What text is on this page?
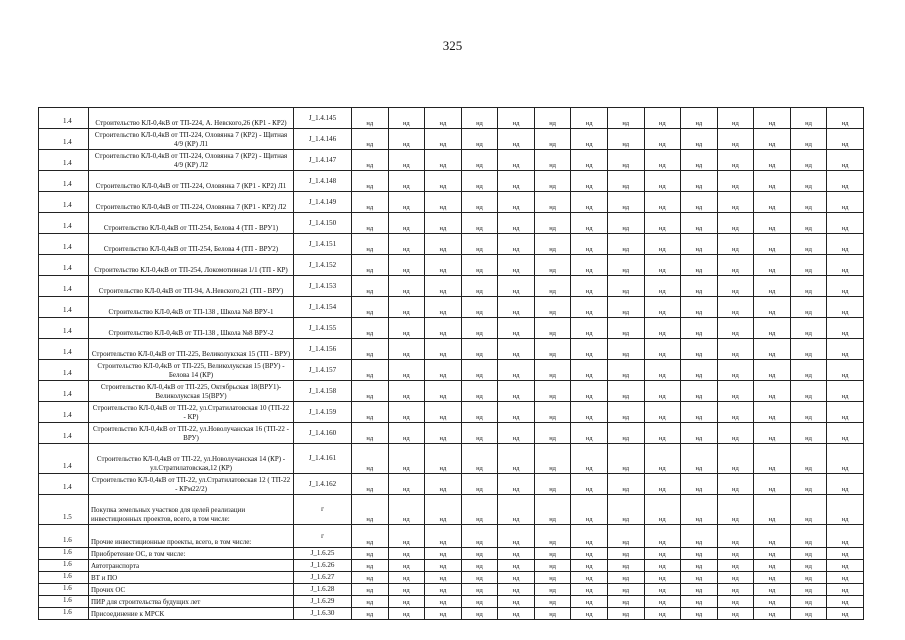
325
1.4	Строительство КЛ-0,4кВ от ТП-224, А. Невского,26 (КР1 - КР2)	J_1.4.145	нд	нд	нд	нд	нд	нд	нд	нд	нд	нд	нд	нд	нд	нд
1.4	Строительство КЛ-0,4кВ от ТП-224, Оловянка 7 (КР2) - Щитная 4/9 (КР) Л1	J_1.4.146	нд	нд	нд	нд	нд	нд	нд	нд	нд	нд	нд	нд	нд	нд
1.4	Строительство КЛ-0,4кВ от ТП-224, Оловянка 7 (КР2) - Щитная 4/9 (КР) Л2	J_1.4.147	нд	нд	нд	нд	нд	нд	нд	нд	нд	нд	нд	нд	нд	нд
1.4	Строительство КЛ-0,4кВ от ТП-224, Оловянка 7 (КР1 - КР2) Л1	J_1.4.148	нд	нд	нд	нд	нд	нд	нд	нд	нд	нд	нд	нд	нд	нд
1.4	Строительство КЛ-0,4кВ от ТП-224, Оловянка 7 (КР1 - КР2) Л2	J_1.4.149	нд	нд	нд	нд	нд	нд	нд	нд	нд	нд	нд	нд	нд	нд
1.4	Строительство КЛ-0,4кВ от ТП-254, Белова 4 (ТП - ВРУ1)	J_1.4.150	нд	нд	нд	нд	нд	нд	нд	нд	нд	нд	нд	нд	нд	нд
1.4	Строительство КЛ-0,4кВ от ТП-254, Белова 4 (ТП - ВРУ2)	J_1.4.151	нд	нд	нд	нд	нд	нд	нд	нд	нд	нд	нд	нд	нд	нд
1.4	Строительство КЛ-0,4кВ от ТП-254, Локомотивная 1/1 (ТП - КР)	J_1.4.152	нд	нд	нд	нд	нд	нд	нд	нд	нд	нд	нд	нд	нд	нд
1.4	Строительство КЛ-0,4кВ от ТП-94, А.Невского,21 (ТП - ВРУ)	J_1.4.153	нд	нд	нд	нд	нд	нд	нд	нд	нд	нд	нд	нд	нд	нд
1.4	Строительство КЛ-0,4кВ от ТП-138 , Школа №8 ВРУ-1	J_1.4.154	нд	нд	нд	нд	нд	нд	нд	нд	нд	нд	нд	нд	нд	нд
1.4	Строительство КЛ-0,4кВ от ТП-138 , Школа №8 ВРУ-2	J_1.4.155	нд	нд	нд	нд	нд	нд	нд	нд	нд	нд	нд	нд	нд	нд
1.4	Строительство КЛ-0,4кВ от ТП-225, Великолукская 15 (ТП - ВРУ)	J_1.4.156	нд	нд	нд	нд	нд	нд	нд	нд	нд	нд	нд	нд	нд	нд
1.4	Строительство КЛ-0,4кВ от ТП-225, Великолукская 15 (ВРУ) - Белова 14 (КР)	J_1.4.157	нд	нд	нд	нд	нд	нд	нд	нд	нд	нд	нд	нд	нд	нд
1.4	Строительство КЛ-0,4кВ от ТП-225, Октябрьская 18(ВРУ1)- Великолукская 15(ВРУ)	J_1.4.158	нд	нд	нд	нд	нд	нд	нд	нд	нд	нд	нд	нд	нд	нд
1.4	Строительство КЛ-0,4кВ от ТП-22, ул.Стратилатовская 10 (ТП-22 - КР)	J_1.4.159	нд	нд	нд	нд	нд	нд	нд	нд	нд	нд	нд	нд	нд	нд
1.4	Строительство КЛ-0,4кВ от ТП-22, ул.Новолучанская 16 (ТП-22 - ВРУ)	J_1.4.160	нд	нд	нд	нд	нд	нд	нд	нд	нд	нд	нд	нд	нд	нд
1.4	Строительство КЛ-0,4кВ от ТП-22, ул.Новолучанская 14 (КР) - ул.Стратилатовская,12 (КР)	J_1.4.161	нд	нд	нд	нд	нд	нд	нд	нд	нд	нд	нд	нд	нд	нд
1.4	Строительство КЛ-0,4кВ от ТП-22, ул.Стратилатовская 12 ( ТП-22 - КРм22/2)	J_1.4.162	нд	нд	нд	нд	нд	нд	нд	нд	нд	нд	нд	нд	нд	нд
1.5	Покупка земельных участков для целей реализации инвестиционных проектов, всего, в том числе:	г	нд	нд	нд	нд	нд	нд	нд	нд	нд	нд	нд	нд	нд	нд
1.6	Прочие инвестиционные проекты, всего, в том числе:	г	нд	нд	нд	нд	нд	нд	нд	нд	нд	нд	нд	нд	нд	нд
1.6	Приобретение ОС, в том числе:	J_1.6.25	нд	нд	нд	нд	нд	нд	нд	нд	нд	нд	нд	нд	нд	нд
1.6	Автотранспорта	J_1.6.26	нд	нд	нд	нд	нд	нд	нд	нд	нд	нд	нд	нд	нд	нд
1.6	ВТ и ПО	J_1.6.27	нд	нд	нд	нд	нд	нд	нд	нд	нд	нд	нд	нд	нд	нд
1.6	Прочих ОС	J_1.6.28	нд	нд	нд	нд	нд	нд	нд	нд	нд	нд	нд	нд	нд	нд
1.6	ПИР для строительства будущих лет	J_1.6.29	нд	нд	нд	нд	нд	нд	нд	нд	нд	нд	нд	нд	нд	нд
1.6	Присоединение к МРСК	J_1.6.30	нд	нд	нд	нд	нд	нд	нд	нд	нд	нд	нд	нд	нд	нд
